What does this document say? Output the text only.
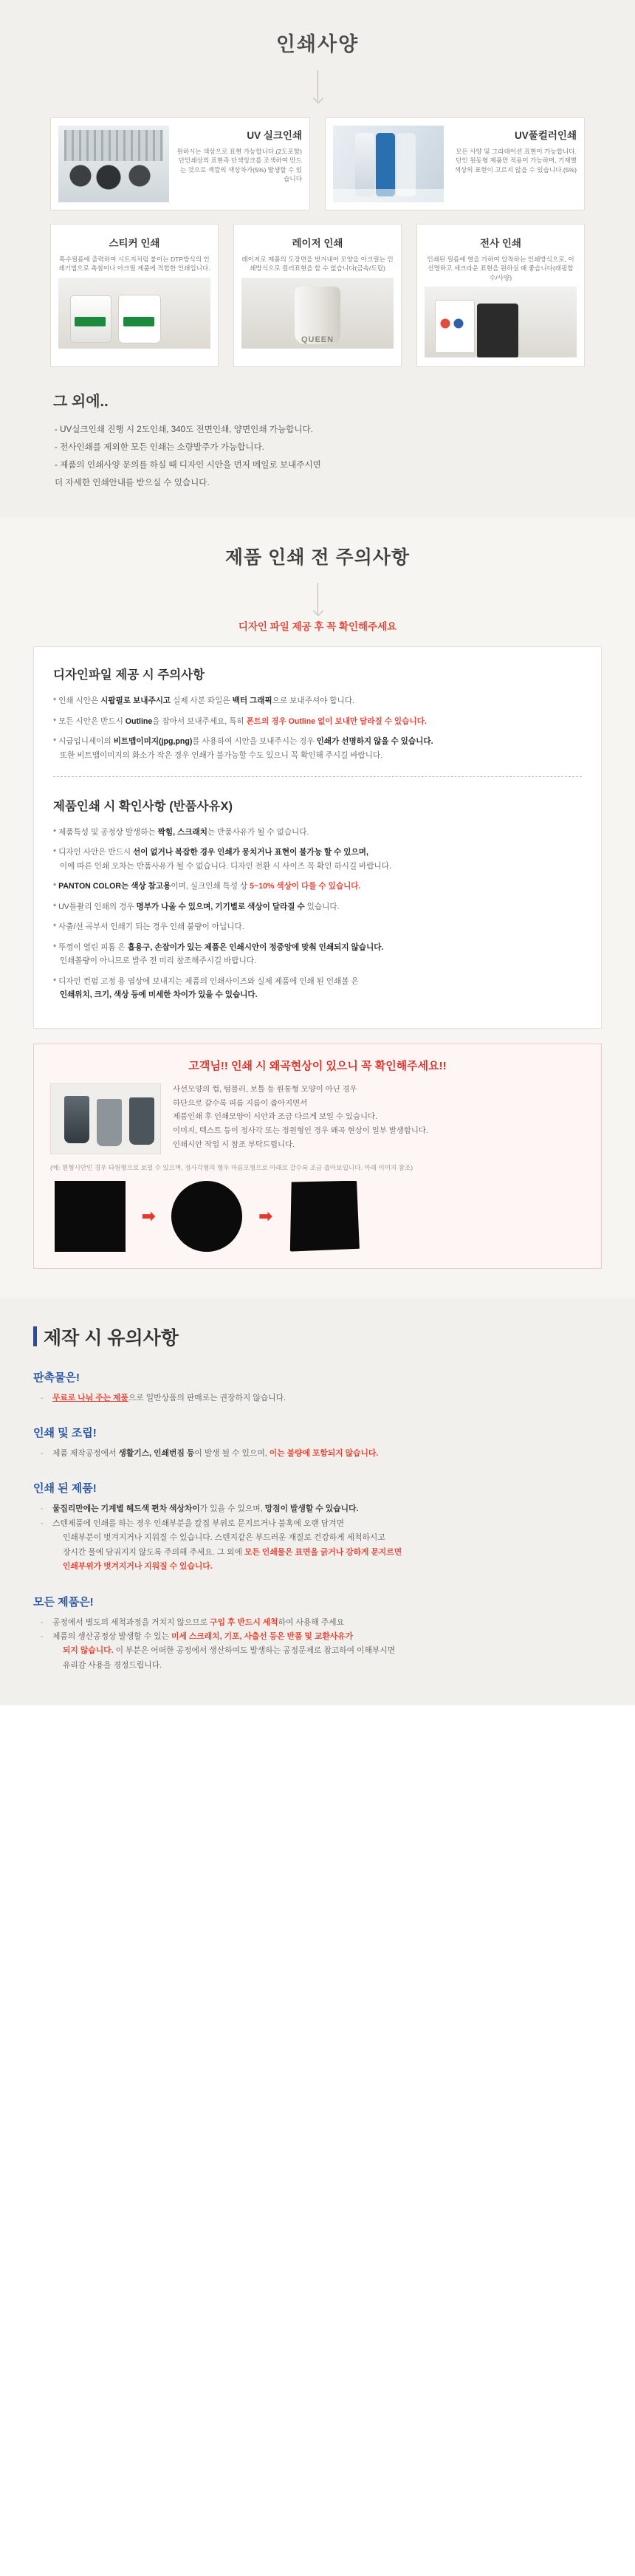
인쇄사양
UV 실크인쇄
원하시는 색상으로 표현 가능합니다.(2도포함) 단인쇄상의 표현즉 단색잉크를 조색하여 만드는 것으로 색깔의 색상차가(5%) 발생할 수 있습니다
UV풀컬러인쇄
모든 사양 및 그라데이션 표현이 가능합니다. 단인 원동형 제품만 적용이 가능하며, 기재별 색상의 표현이 고르지 않을 수 있습니다.(5%)
스티커 인쇄
톡수필름에 출력하여 시트지처럼 붙이는 DTP방식의 인쇄기법으로 촉칠이나 아크릴 제품에 적합한 인쇄입니다.
레이저 인쇄
레이저로 제품의 도장면을 벗겨내어 모양을 아크릴는 인쇄방식으로 컬러표현을 할 수 없습니다(금속/도립)
QUEEN
전사 인쇄
인쇄된 필름에 열을 가하여 압착하는 인쇄방식으로, 이 선명하고 세크라운 표현을 원하실 때 좋습니다(래핑할수/사양)
그 외에..
- UV실크인쇄 진행 시 2도인쇄, 340도 전면인쇄, 양면인쇄 가능합니다.
- 전사인쇄를 제외한 모든 인쇄는 소량발주가 가능합니다.
- 제품의 인쇄사양 문의를 하실 때 디자인 시안을 먼저 메일로 보내주시면
더 자세한 인쇄안내를 받으실 수 있습니다.
제품 인쇄 전 주의사항
디자인 파일 제공 후 꼭 확인해주세요
디자인파일 제공 시 주의사항
* 인쇄 시안은 시팝필로 보내주시고 실제 사본 파일은 백터 그래픽으로 보내주셔야 합니다.
* 모든 시안은 반드시 Outline을 잡아서 보내주세요, 특히 폰트의 경우 Outline 없이 보내만 달라질 수 있습니다.
* 시급입니세이의 비트맵이미지(jpg,png)를 사용하여 시안을 보내주시는 경우 인쇄가 선명하지 않을 수 있습니다.
또한 비트맵이미지의 화소가 작은 경우 인쇄가 불가능할 수도 있으니 꼭 확인해 주시길 바랍니다.
제품인쇄 시 확인사항 (반품사유X)
* 제품특성 및 공정상 발생하는 짝힘, 스크래치는 반품사유가 될 수 없습니다.
* 디자인 사안은 반드시 선이 없거나 복잡한 경우 인쇄가 뭉치거나 표현이 불가능 할 수 있으며,
이에 따른 인쇄 오차는 반품사유가 될 수 없습니다. 디자인 전환 시 사이즈 꼭 확인 하시길 바랍니다.
* PANTON COLOR는 색상 참고용이며, 실크인쇄 특성 상 5~10% 색상이 다를 수 있습니다.
* UV틀촬리 인쇄의 경우 명부가 나올 수 있으며, 기기별로 색상이 달라질 수 있습니다.
* 사출/선 곡부서 인쇄기 되는 경우 인쇄 붙량이 아닙니다.
* 뚜껑이 열린 피톰 은 흡용구, 손잡이가 있는 제품은 인쇄시안이 정중앙에 맞춰 인쇄되지 않습니다.
인쇄볼량이 아니므로 발주 전 미리 참조해주시길 바랍니다.
* 디자인 컨펌 고정 용 엽상에 보내지는 제품의 인쇄사이즈와 실제 제품에 인쇄 된 인쇄볼 은
인쇄위치, 크기, 색상 등에 미세한 차이가 있을 수 있습니다.
고객님!! 인쇄 시 왜곡현상이 있으니 꼭 확인해주세요!!
사선모양의 컵, 텀블러, 보틀 등 원통형 모양이 아닌 경우
하단으로 갈수록 피름 지름이 좁아지면서
제품인쇄 후 인쇄모양이 시안과 조금 다르게 보일 수 있습니다.
이미지, 텍스트 등이 정사각 또는 정원형인 경우 왜곡 현상이 일부 발생합니다.
인쇄시안 작업 시 참조 부탁드립니다.
(예: 원형시안인 경우 타원형으로 보일 수 있으며, 정사각형의 형우 마름모형으로 아래로 갈수록 조금 좁아보입니다. 아래 이미지 참조)
➡	➡
제작 시 유의사항
판촉물은!
- 무료로 나눠 주는 제품으로 일반상품의 판매로는 권장하지 않습니다.
인쇄 및 조립!
- 제품 제작공정에서 생활기스, 인쇄번짐 등이 발생 될 수 있으며, 이는 불량에 포함되지 않습니다.
인쇄 된 제품!
- 물집리만에는 기계별 헤드색 편차 색상차이가 있을 수 있으며, 망점이 발생할 수 있습니다.
- 스텐제품에 인쇄를 하는 경우 인쇄부분을 칼집 부위로 문지르거나 불혹에 오랜 담겨면
인쇄부분이 벗겨지거나 지워질 수 있습니다. 스텐지같은 부드러운 재질로 건강하게 세척하시고
장시간 물에 담궈지지 않도록 주의해 주세요. 그 외에 모든 인쇄물은 표면을 긁거나 강하게 문지르면
인쇄부위가 벗겨지거나 지워질 수 있습니다.
모든 제품은!
- 공정에서 별도의 세척과정을 거치지 않으므로 구입 후 반드시 세척하여 사용해 주세요
- 제품의 생산공정상 발생할 수 있는 미세 스크래치, 기포, 사출선 등은 반품 및 교환사유가
되지 않습니다. 이 부분은 어떠한 공정에서 생산하여도 발생하는 공정문제로 참고하여 이해부시면
유리감 사용을 경정드립니다.
